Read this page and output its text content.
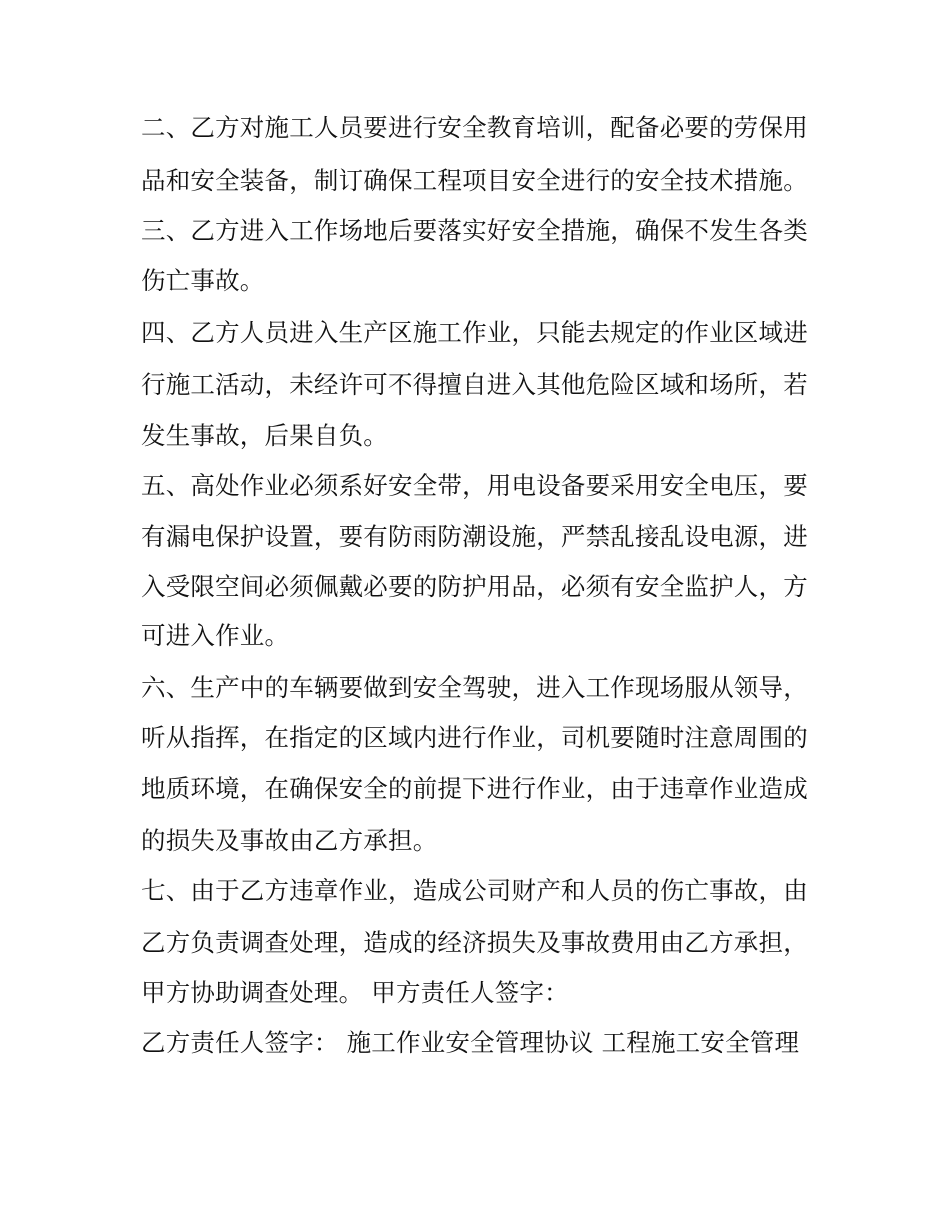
二、乙方对施工人员要进行安全教育培训，配备必要的劳保用
品和安全装备，制订确保工程项目安全进行的安全技术措施。
三、乙方进入工作场地后要落实好安全措施，确保不发生各类
伤亡事故。
四、乙方人员进入生产区施工作业，只能去规定的作业区域进
行施工活动，未经许可不得擅自进入其他危险区域和场所，若
发生事故，后果自负。
五、高处作业必须系好安全带，用电设备要采用安全电压，要
有漏电保护设置，要有防雨防潮设施，严禁乱接乱设电源，进
入受限空间必须佩戴必要的防护用品，必须有安全监护人，方
可进入作业。
六、生产中的车辆要做到安全驾驶，进入工作现场服从领导，
听从指挥，在指定的区域内进行作业，司机要随时注意周围的
地质环境，在确保安全的前提下进行作业，由于违章作业造成
的损失及事故由乙方承担。
七、由于乙方违章作业，造成公司财产和人员的伤亡事故，由
乙方负责调查处理，造成的经济损失及事故费用由乙方承担，
甲方协助调查处理。 甲方责任人签字：
乙方责任人签字： 施工作业安全管理协议 工程施工安全管理
